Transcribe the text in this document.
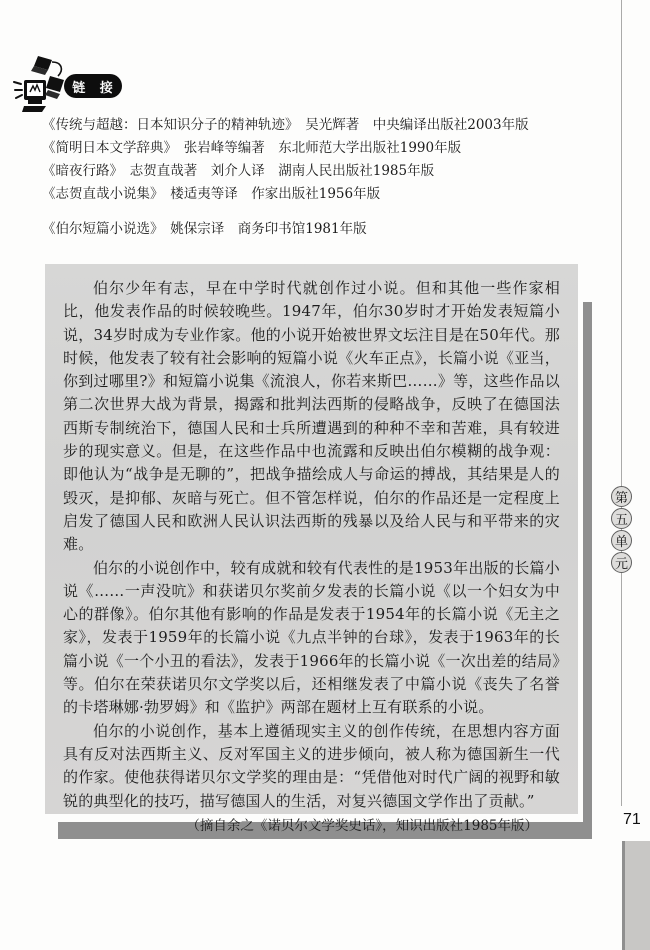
链 接
《传统与超越：日本知识分子的精神轨迹》　吴光辉著　中央编译出版社2003年版
《简明日本文学辞典》　张岩峰等编著　东北师范大学出版社1990年版
《暗夜行路》　志贺直哉著　刘介人译　湖南人民出版社1985年版
《志贺直哉小说集》　楼适夷等译　作家出版社1956年版
《伯尔短篇小说选》　姚保宗译　商务印书馆1981年版

伯尔少年有志，早在中学时代就创作过小说。但和其他一些作家相比，他发表作品的时候较晚些。1947年，伯尔30岁时才开始发表短篇小说，34岁时成为专业作家。他的小说开始被世界文坛注目是在50年代。那时候，他发表了较有社会影响的短篇小说《火车正点》，长篇小说《亚当，你到过哪里?》和短篇小说集《流浪人，你若来斯巴……》等，这些作品以第二次世界大战为背景，揭露和批判法西斯的侵略战争，反映了在德国法西斯专制统治下，德国人民和士兵所遭遇到的种种不幸和苦难，具有较进步的现实意义。但是，在这些作品中也流露和反映出伯尔模糊的战争观：即他认为“战争是无聊的”，把战争描绘成人与命运的搏战，其结果是人的毁灭，是抑郁、灰暗与死亡。但不管怎样说，伯尔的作品还是一定程度上启发了德国人民和欧洲人民认识法西斯的残暴以及给人民与和平带来的灾难。

伯尔的小说创作中，较有成就和较有代表性的是1953年出版的长篇小说《……一声没吭》和获诺贝尔奖前夕发表的长篇小说《以一个妇女为中心的群像》。伯尔其他有影响的作品是发表于1954年的长篇小说《无主之家》，发表于1959年的长篇小说《九点半钟的台球》，发表于1963年的长篇小说《一个小丑的看法》，发表于1966年的长篇小说《一次出差的结局》等。伯尔在荣获诺贝尔文学奖以后，还相继发表了中篇小说《丧失了名誉的卡塔琳娜·勃罗姆》和《监护》两部在题材上互有联系的小说。

伯尔的小说创作，基本上遵循现实主义的创作传统，在思想内容方面具有反对法西斯主义、反对军国主义的进步倾向，被人称为德国新生一代的作家。使他获得诺贝尔文学奖的理由是：“凭借他对时代广阔的视野和敏锐的典型化的技巧，描写德国人的生活，对复兴德国文学作出了贡献。”

（摘自余之《诺贝尔文学奖史话》，知识出版社1985年版）
第
五
单
元
71
